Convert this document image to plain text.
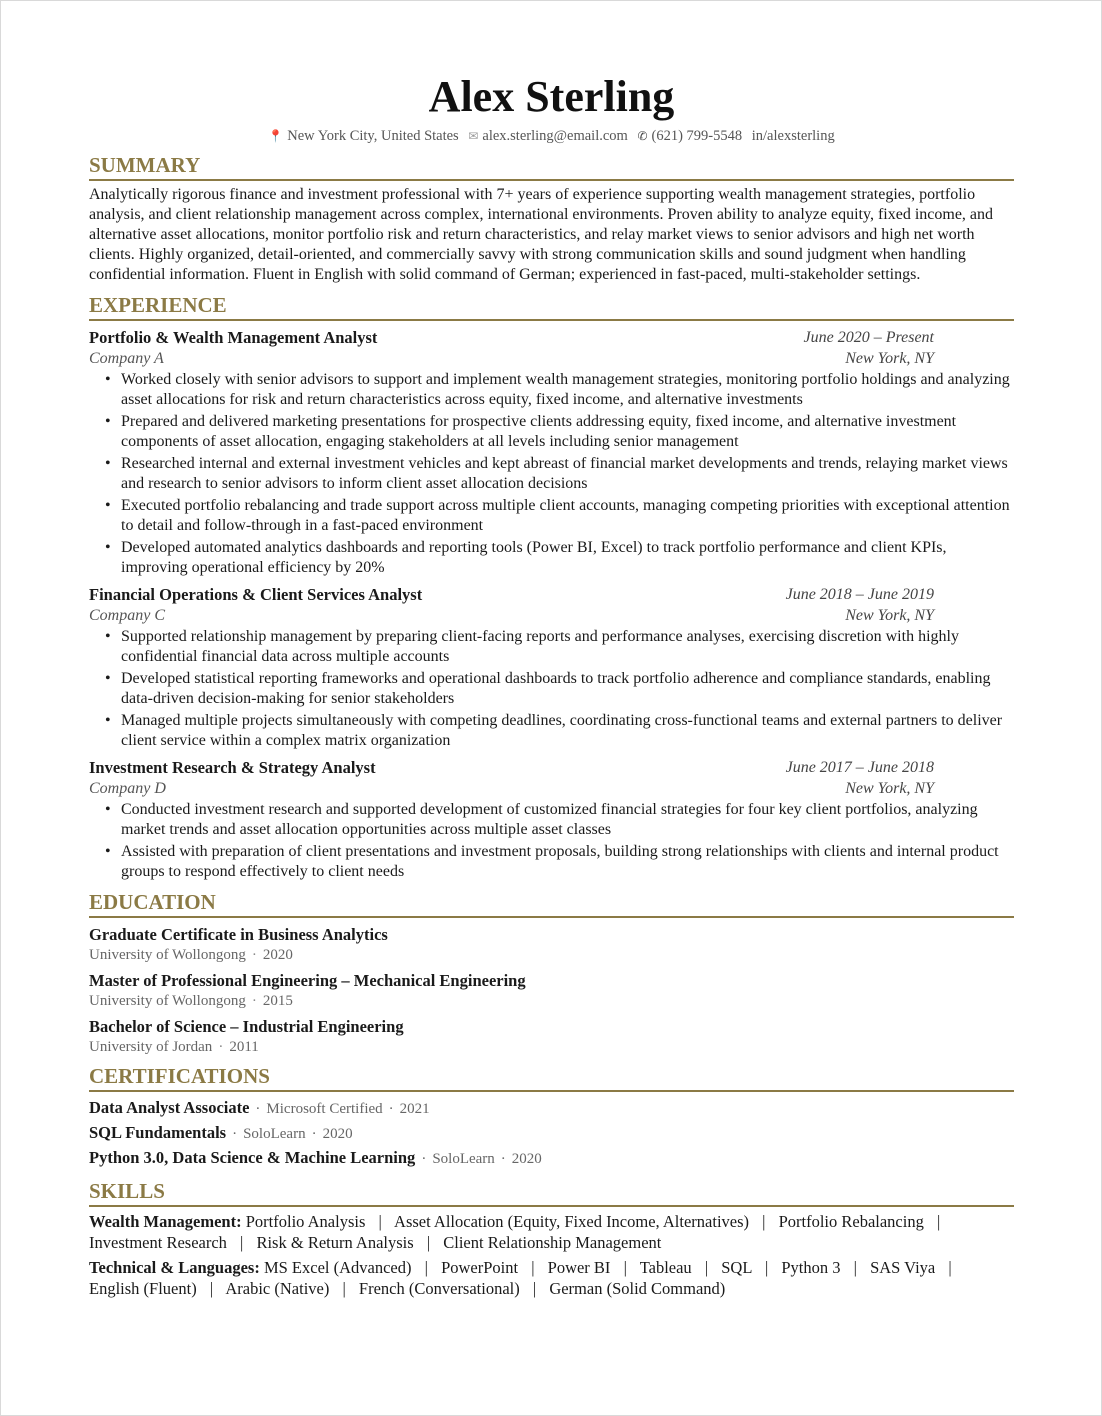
Alex Sterling
📍 New York City, United States ✉ alex.sterling@email.com ✆ (621) 799-5548 in/alexsterling
SUMMARY

Analytically rigorous finance and investment professional with 7+ years of experience supporting wealth management strategies, portfolio analysis, and client relationship management across complex, international environments. Proven ability to analyze equity, fixed income, and alternative asset allocations, monitor portfolio risk and return characteristics, and relay market views to senior advisors and high net worth clients. Highly organized, detail-oriented, and commercially savvy with strong communication skills and sound judgment when handling confidential information. Fluent in English with solid command of German; experienced in fast-paced, multi-stakeholder settings.

EXPERIENCE
Portfolio & Wealth Management Analyst	June 2020 – Present
Company A	New York, NY
• Worked closely with senior advisors to support and implement wealth management strategies, monitoring portfolio holdings and analyzing asset allocations for risk and return characteristics across equity, fixed income, and alternative investments
• Prepared and delivered marketing presentations for prospective clients addressing equity, fixed income, and alternative investment components of asset allocation, engaging stakeholders at all levels including senior management
• Researched internal and external investment vehicles and kept abreast of financial market developments and trends, relaying market views and research to senior advisors to inform client asset allocation decisions
• Executed portfolio rebalancing and trade support across multiple client accounts, managing competing priorities with exceptional attention to detail and follow-through in a fast-paced environment
• Developed automated analytics dashboards and reporting tools (Power BI, Excel) to track portfolio performance and client KPIs, improving operational efficiency by 20%
Financial Operations & Client Services Analyst	June 2018 – June 2019
Company C	New York, NY
• Supported relationship management by preparing client-facing reports and performance analyses, exercising discretion with highly confidential financial data across multiple accounts
• Developed statistical reporting frameworks and operational dashboards to track portfolio adherence and compliance standards, enabling data-driven decision-making for senior stakeholders
• Managed multiple projects simultaneously with competing deadlines, coordinating cross-functional teams and external partners to deliver client service within a complex matrix organization
Investment Research & Strategy Analyst	June 2017 – June 2018
Company D	New York, NY
• Conducted investment research and supported development of customized financial strategies for four key client portfolios, analyzing market trends and asset allocation opportunities across multiple asset classes
• Assisted with preparation of client presentations and investment proposals, building strong relationships with clients and internal product groups to respond effectively to client needs
EDUCATION
Graduate Certificate in Business Analytics
University of Wollongong · 2020
Master of Professional Engineering – Mechanical Engineering
University of Wollongong · 2015
Bachelor of Science – Industrial Engineering
University of Jordan · 2011
CERTIFICATIONS
Data Analyst Associate · Microsoft Certified · 2021
SQL Fundamentals · SoloLearn · 2020
Python 3.0, Data Science & Machine Learning · SoloLearn · 2020
SKILLS
Wealth Management: Portfolio Analysis | Asset Allocation (Equity, Fixed Income, Alternatives) | Portfolio Rebalancing | Investment Research | Risk & Return Analysis | Client Relationship Management
Technical & Languages: MS Excel (Advanced) | PowerPoint | Power BI | Tableau | SQL | Python 3 | SAS Viya | English (Fluent) | Arabic (Native) | French (Conversational) | German (Solid Command)
